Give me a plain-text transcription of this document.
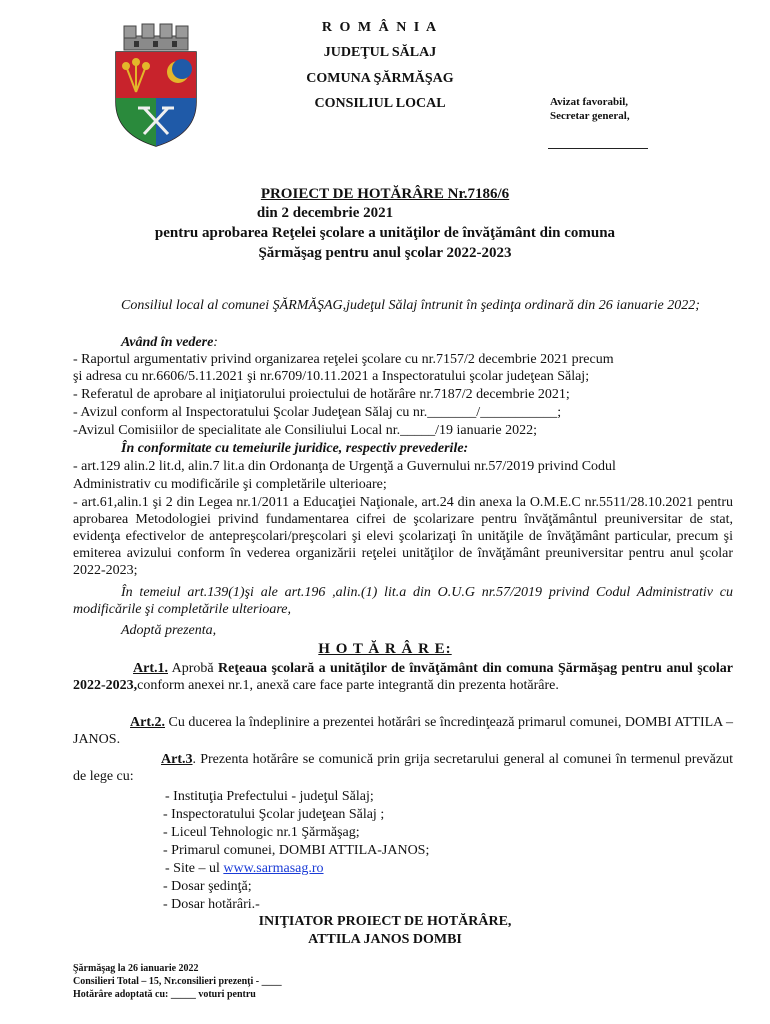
R O M Â N I A
JUDEŢUL SĂLAJ
COMUNA ŞĂRMĂŞAG
CONSILIUL LOCAL	Avizat favorabil,
Secretar general,
PROIECT DE HOTĂRÂRE Nr.7186/6
din 2 decembrie 2021
pentru aprobarea Reţelei şcolare a unităţilor de învăţământ din comuna
Şărmăşag pentru anul şcolar 2022-2023
Consiliul local al comunei ŞĂRMĂŞAG,judeţul Sălaj întrunit în şedinţa ordinară din 26 ianuarie 2022;
Având în vedere:
- Raportul argumentativ privind organizarea reţelei şcolare cu nr.7157/2 decembrie 2021 precum
şi adresa cu nr.6606/5.11.2021 şi nr.6709/10.11.2021 a Inspectoratului şcolar judeţean Sălaj;
- Referatul de aprobare al iniţiatorului proiectului de hotărâre nr.7187/2 decembrie 2021;
- Avizul conform al Inspectoratului Şcolar Judeţean Sălaj cu nr._______/___________;
-Avizul Comisiilor de specialitate ale Consiliului Local nr._____/19 ianuarie 2022;
În conformitate cu temeiurile juridice, respectiv prevederile:
- art.129 alin.2 lit.d, alin.7 lit.a din Ordonanţa de Urgenţă a Guvernului nr.57/2019 privind Codul
Administrativ cu modificările şi completările ulterioare;
- art.61,alin.1 şi 2 din Legea nr.1/2011 a Educaţiei Naţionale, art.24 din anexa la O.M.E.C nr.5511/28.10.2021 pentru aprobarea Metodologiei privind fundamentarea cifrei de şcolarizare pentru învăţământul preuniversitar de stat, evidenţa efectivelor de antepreşcolari/preşcolari şi elevi şcolarizaţi în unităţile de învăţământ particular, precum şi emiterea avizului conform în vederea organizării reţelei unităţilor de învăţământ preuniversitar pentru anul şcolar 2022-2023;
În temeiul art.139(1)şi ale art.196 ,alin.(1) lit.a din O.U.G nr.57/2019 privind Codul Administrativ cu modificările şi completările ulterioare,
Adoptă prezenta,
H O T Ă R Â R E:
Art.1. Aprobă Reţeaua şcolară a unităţilor de învăţământ din comuna Şărmăşag pentru anul şcolar 2022-2023,conform anexei nr.1, anexă care face parte integrantă din prezenta hotărâre.
Art.2. Cu ducerea la îndeplinire a prezentei hotărâri se încredinţează primarul comunei, DOMBI ATTILA – JANOS.
Art.3. Prezenta hotărâre se comunică prin grija secretarului general al comunei în termenul prevăzut de lege cu:
- Instituţia Prefectului - judeţul Sălaj;
- Inspectoratului Şcolar judeţean Sălaj ;
- Liceul Tehnologic nr.1 Şărmăşag;
- Primarul comunei, DOMBI ATTILA-JANOS;
- Site – ul www.sarmasag.ro
- Dosar şedinţă;
- Dosar hotărâri.-
INIŢIATOR PROIECT DE HOTĂRÂRE,
ATTILA JANOS DOMBI
Şărmăşag la 26 ianuarie 2022
Consilieri Total – 15, Nr.consilieri prezenţi - ____
Hotărâre adoptată cu: _____ voturi pentru
